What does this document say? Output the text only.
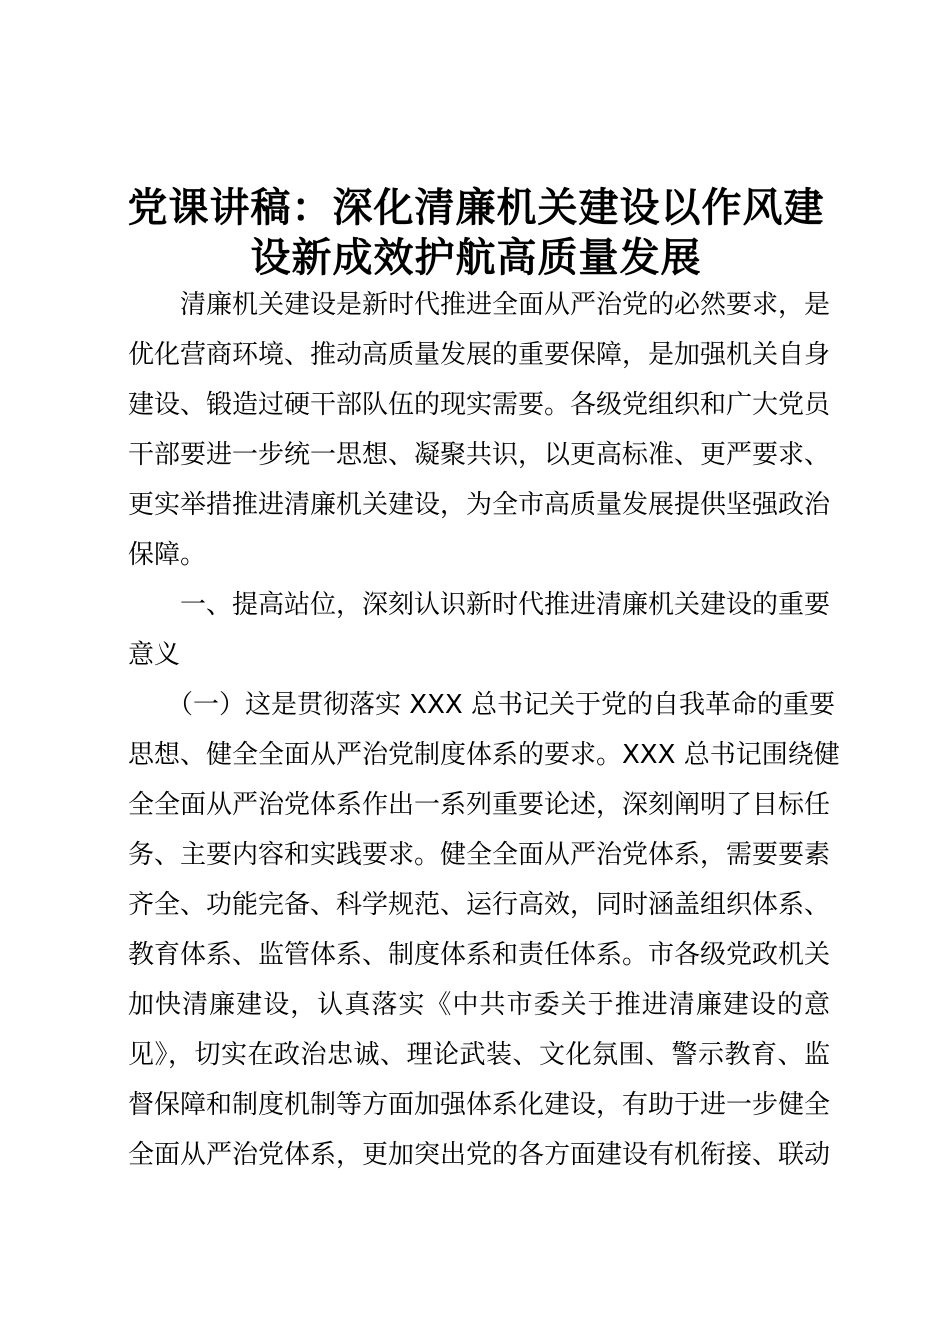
党课讲稿：深化清廉机关建设以作风建
设新成效护航高质量发展
　　清廉机关建设是新时代推进全面从严治党的必然要求，是
优化营商环境、推动高质量发展的重要保障，是加强机关自身
建设、锻造过硬干部队伍的现实需要。各级党组织和广大党员
干部要进一步统一思想、凝聚共识，以更高标准、更严要求、
更实举措推进清廉机关建设，为全市高质量发展提供坚强政治
保障。
　　一、提高站位，深刻认识新时代推进清廉机关建设的重要
意义
　　（一）这是贯彻落实 XXX 总书记关于党的自我革命的重要
思想、健全全面从严治党制度体系的要求。XXX 总书记围绕健
全全面从严治党体系作出一系列重要论述，深刻阐明了目标任
务、主要内容和实践要求。健全全面从严治党体系，需要要素
齐全、功能完备、科学规范、运行高效，同时涵盖组织体系、
教育体系、监管体系、制度体系和责任体系。市各级党政机关
加快清廉建设，认真落实《中共市委关于推进清廉建设的意
见》，切实在政治忠诚、理论武装、文化氛围、警示教育、监
督保障和制度机制等方面加强体系化建设，有助于进一步健全
全面从严治党体系，更加突出党的各方面建设有机衔接、联动
